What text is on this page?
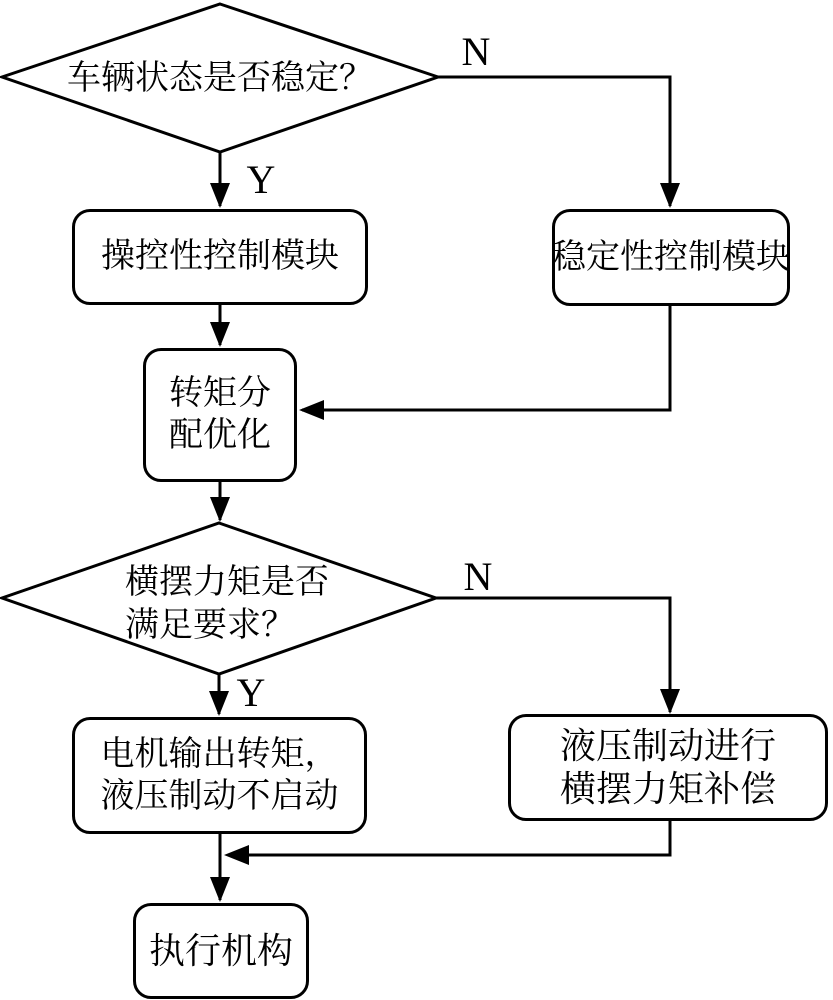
车辆状态是否稳定？
横摆力矩是否
满足要求？
操控性控制模块	稳定性控制模块
转矩分
配优化
电机输出转矩，
液压制动不启动
液压制动进行
横摆力矩补偿
执行机构
Y
N
Y
N
